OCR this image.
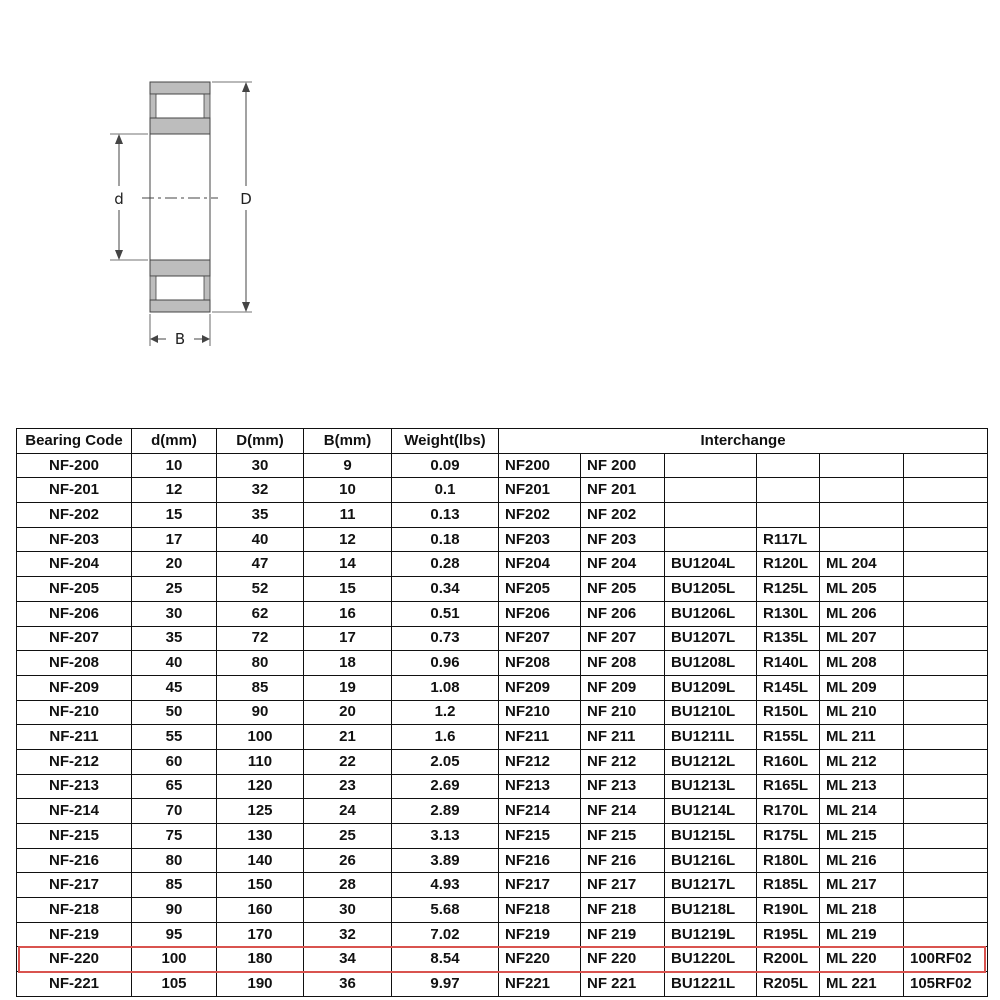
d	D
B
Bearing Code	d(mm)	D(mm)	B(mm)	Weight(lbs)	Interchange					
NF-200	10	30	9	0.09	NF200	NF 200				
NF-201	12	32	10	0.1	NF201	NF 201				
NF-202	15	35	11	0.13	NF202	NF 202				
NF-203	17	40	12	0.18	NF203	NF 203		R117L		
NF-204	20	47	14	0.28	NF204	NF 204	BU1204L	R120L	ML 204	
NF-205	25	52	15	0.34	NF205	NF 205	BU1205L	R125L	ML 205	
NF-206	30	62	16	0.51	NF206	NF 206	BU1206L	R130L	ML 206	
NF-207	35	72	17	0.73	NF207	NF 207	BU1207L	R135L	ML 207	
NF-208	40	80	18	0.96	NF208	NF 208	BU1208L	R140L	ML 208	
NF-209	45	85	19	1.08	NF209	NF 209	BU1209L	R145L	ML 209	
NF-210	50	90	20	1.2	NF210	NF 210	BU1210L	R150L	ML 210	
NF-211	55	100	21	1.6	NF211	NF 211	BU1211L	R155L	ML 211	
NF-212	60	110	22	2.05	NF212	NF 212	BU1212L	R160L	ML 212	
NF-213	65	120	23	2.69	NF213	NF 213	BU1213L	R165L	ML 213	
NF-214	70	125	24	2.89	NF214	NF 214	BU1214L	R170L	ML 214	
NF-215	75	130	25	3.13	NF215	NF 215	BU1215L	R175L	ML 215	
NF-216	80	140	26	3.89	NF216	NF 216	BU1216L	R180L	ML 216	
NF-217	85	150	28	4.93	NF217	NF 217	BU1217L	R185L	ML 217	
NF-218	90	160	30	5.68	NF218	NF 218	BU1218L	R190L	ML 218	
NF-219	95	170	32	7.02	NF219	NF 219	BU1219L	R195L	ML 219	
NF-220	100	180	34	8.54	NF220	NF 220	BU1220L	R200L	ML 220	100RF02
NF-221	105	190	36	9.97	NF221	NF 221	BU1221L	R205L	ML 221	105RF02
